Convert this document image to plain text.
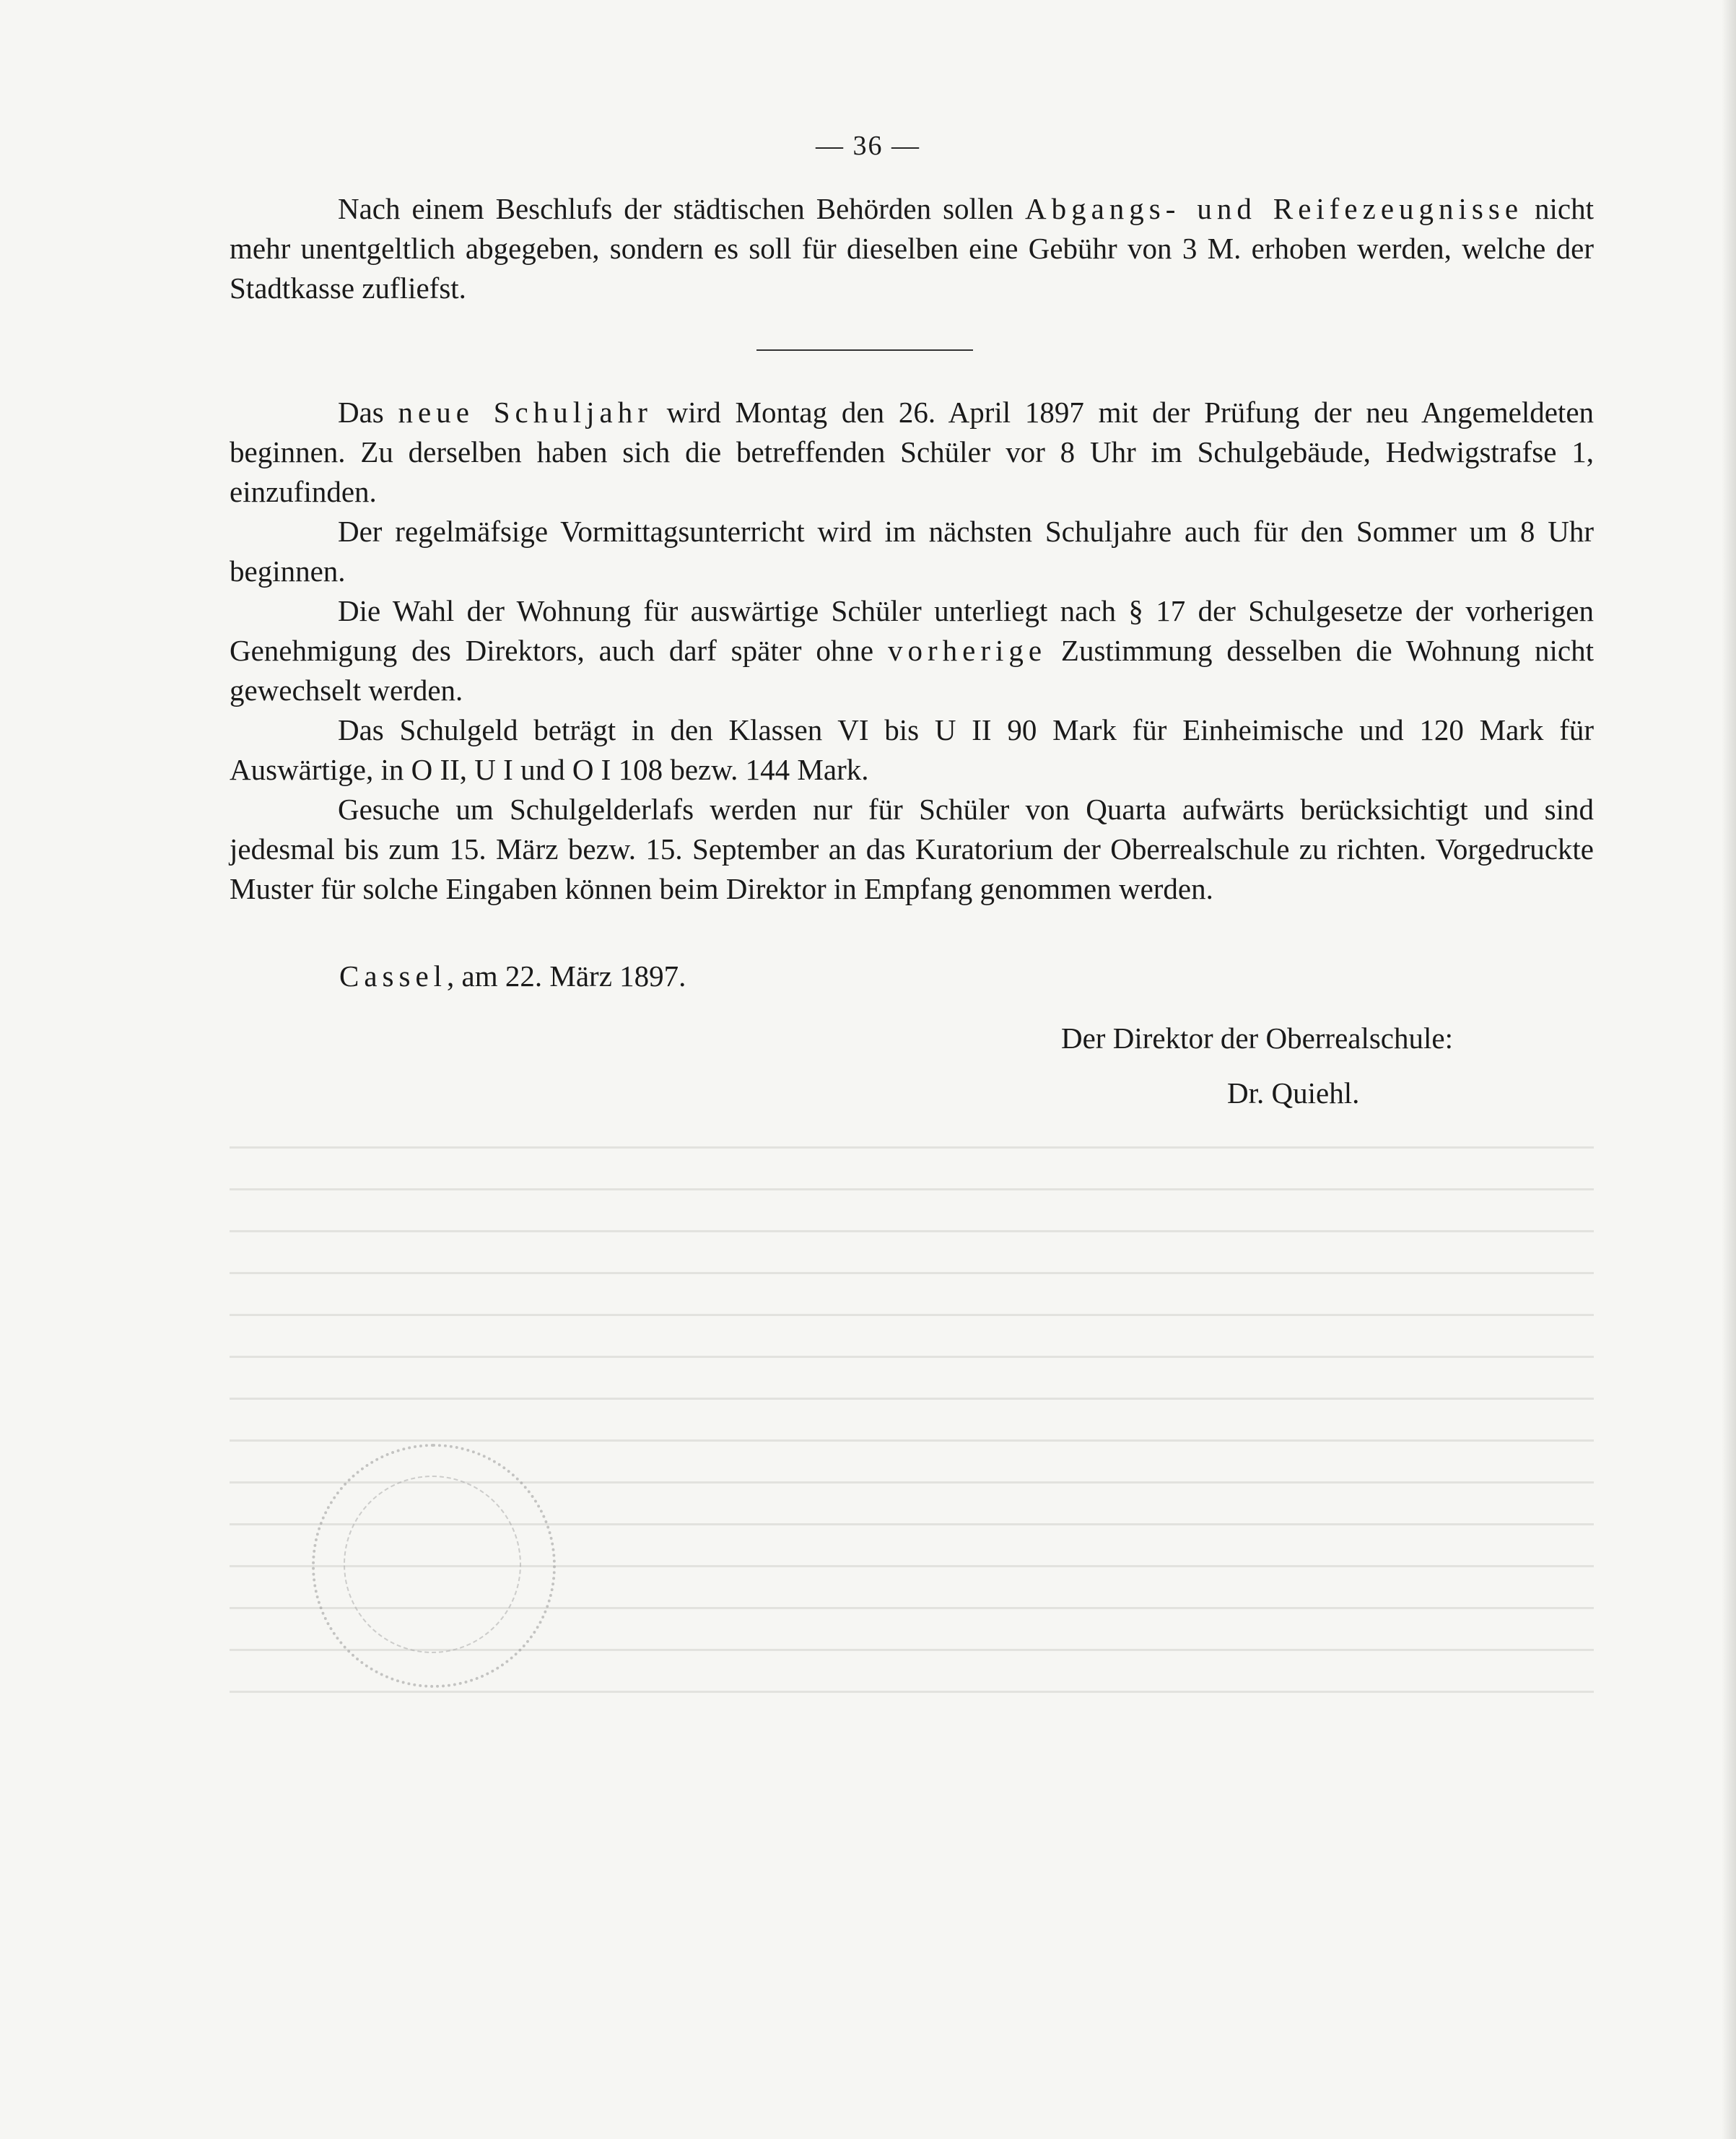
— 36 —

Nach einem Beschlufs der städtischen Behörden sollen Abgangs- und Reifezeugnisse nicht mehr unentgeltlich abgegeben, sondern es soll für dieselben eine Gebühr von 3 M. erhoben werden, welche der Stadtkasse zufliefst.

Das neue Schuljahr wird Montag den 26. April 1897 mit der Prüfung der neu Angemeldeten beginnen. Zu derselben haben sich die betreffenden Schüler vor 8 Uhr im Schulgebäude, Hedwigstrafse 1, einzufinden.

Der regelmäfsige Vormittagsunterricht wird im nächsten Schuljahre auch für den Sommer um 8 Uhr beginnen.

Die Wahl der Wohnung für auswärtige Schüler unterliegt nach § 17 der Schulgesetze der vorherigen Genehmigung des Direktors, auch darf später ohne vorherige Zustimmung desselben die Wohnung nicht gewechselt werden.

Das Schulgeld beträgt in den Klassen VI bis U II 90 Mark für Einheimische und 120 Mark für Auswärtige, in O II, U I und O I 108 bezw. 144 Mark.

Gesuche um Schulgelderlafs werden nur für Schüler von Quarta aufwärts berücksichtigt und sind jedesmal bis zum 15. März bezw. 15. September an das Kuratorium der Oberrealschule zu richten. Vorgedruckte Muster für solche Eingaben können beim Direktor in Empfang genommen werden.

Cassel, am 22. März 1897.
Der Direktor der Oberrealschule:
Dr. Quiehl.
